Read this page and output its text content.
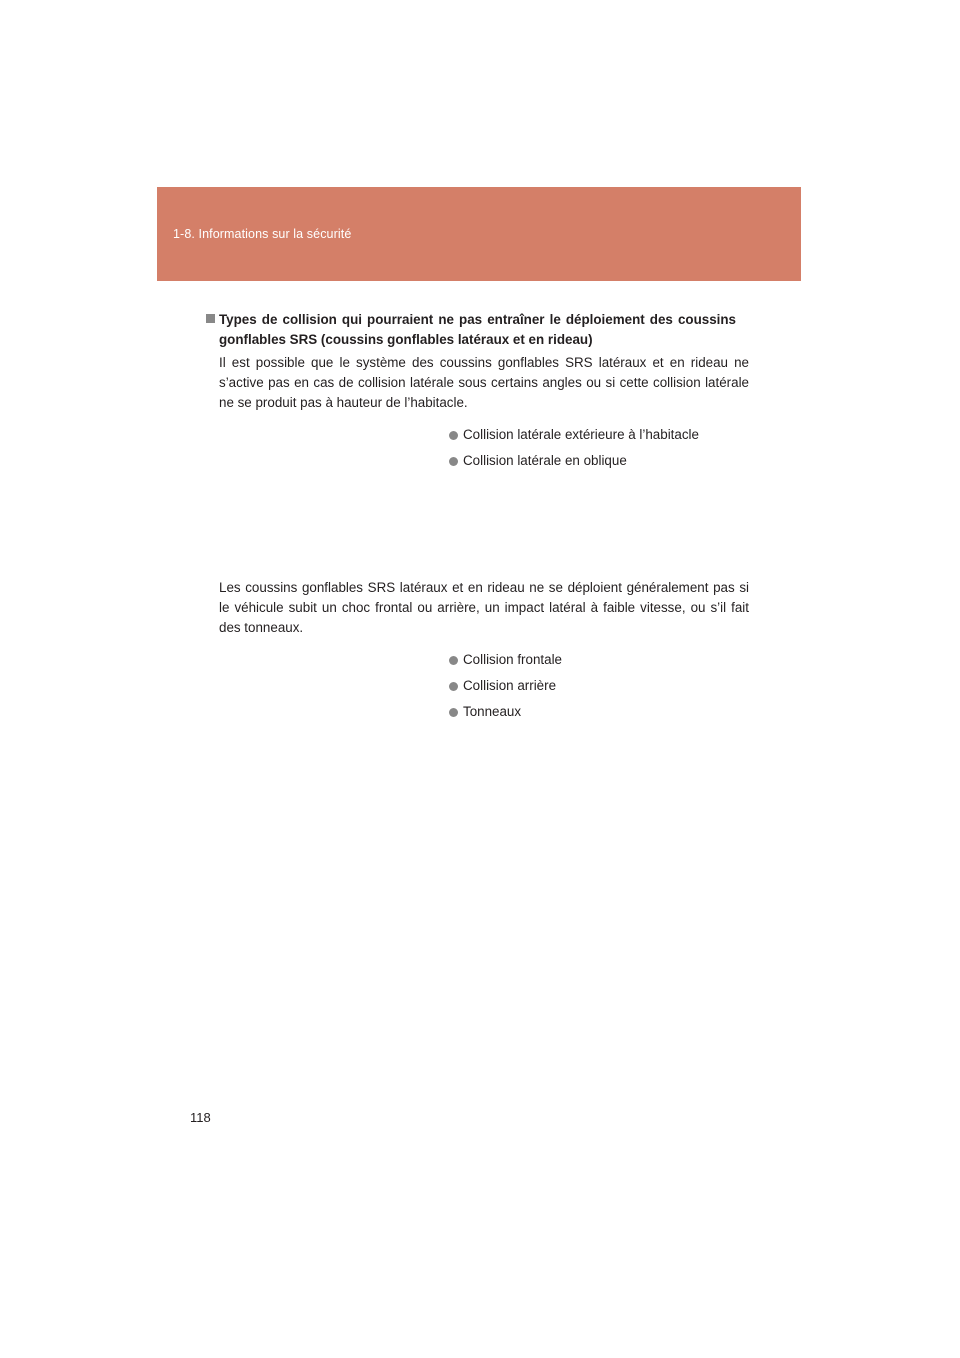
1-8. Informations sur la sécurité
Types de collision qui pourraient ne pas entraîner le déploiement des coussins gonflables SRS (coussins gonflables latéraux et en rideau)

Il est possible que le système des coussins gonflables SRS latéraux et en rideau ne s’active pas en cas de collision latérale sous certains angles ou si cette collision latérale ne se produit pas à hauteur de l’habitacle.

Collision latérale extérieure à l’habitacle
Collision latérale en oblique

Les coussins gonflables SRS latéraux et en rideau ne se déploient généralement pas si le véhicule subit un choc frontal ou arrière, un impact latéral à faible vitesse, ou s’il fait des tonneaux.

Collision frontale
Collision arrière
Tonneaux
118
